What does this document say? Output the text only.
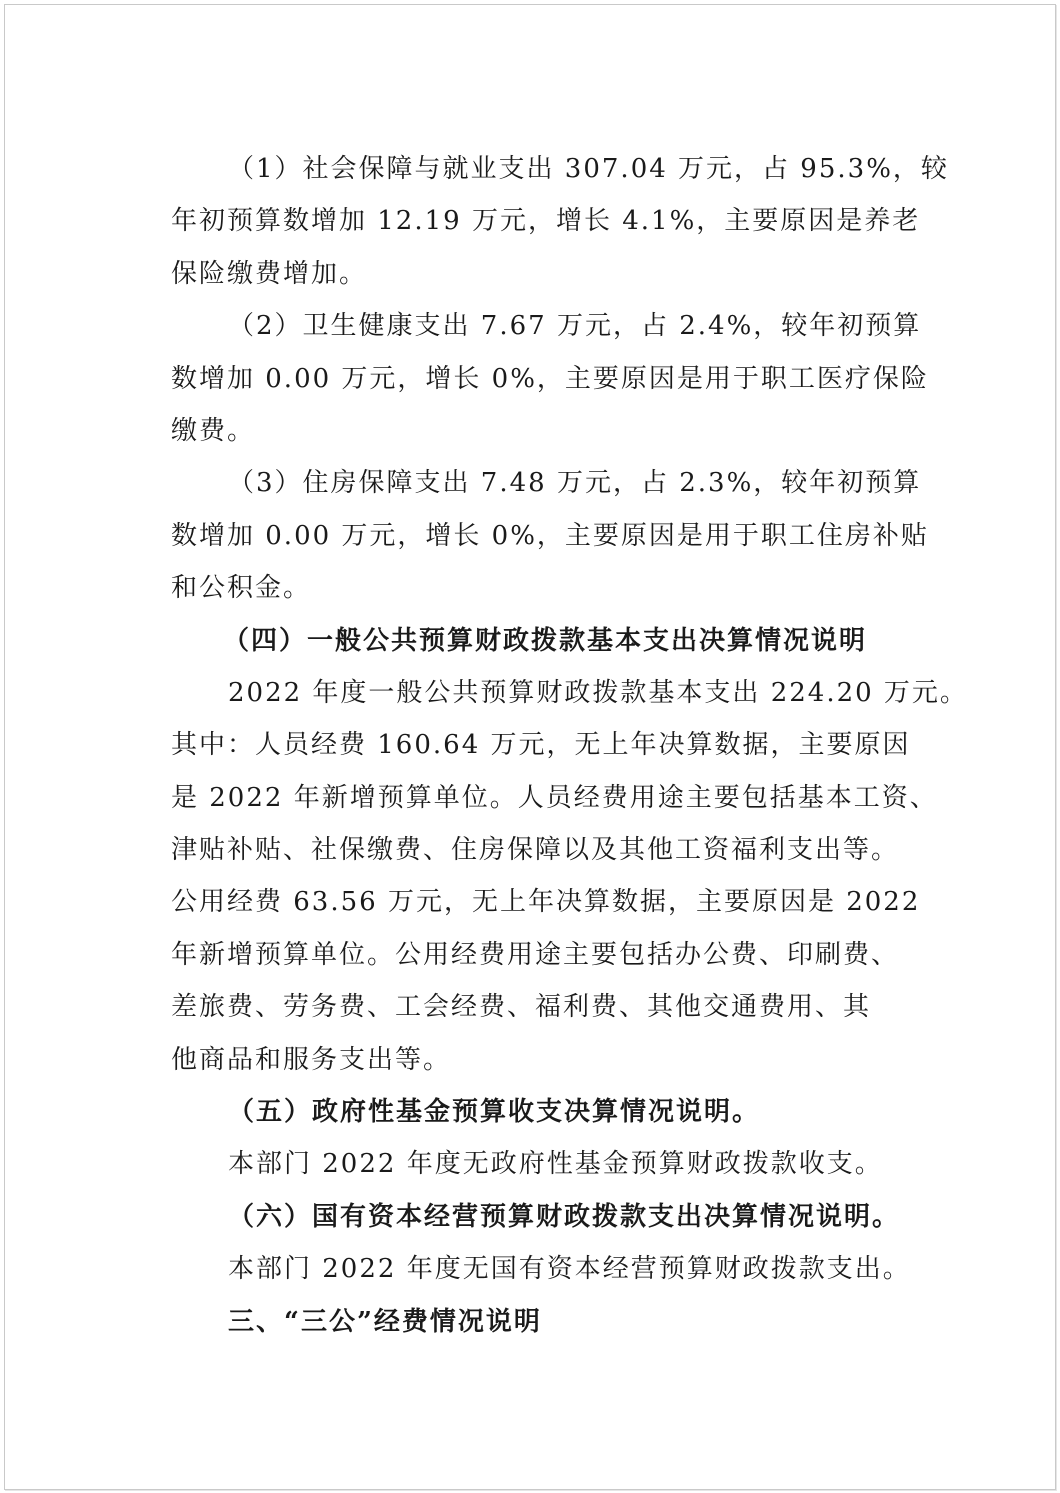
（1）社会保障与就业支出 307.04 万元，占 95.3%，较
年初预算数增加 12.19 万元，增长 4.1%，主要原因是养老
保险缴费增加。
（2）卫生健康支出 7.67 万元，占 2.4%，较年初预算
数增加 0.00 万元，增长 0%，主要原因是用于职工医疗保险
缴费。
（3）住房保障支出 7.48 万元，占 2.3%，较年初预算
数增加 0.00 万元，增长 0%，主要原因是用于职工住房补贴
和公积金。
（四）一般公共预算财政拨款基本支出决算情况说明
2022 年度一般公共预算财政拨款基本支出 224.20 万元。
其中：人员经费 160.64 万元，无上年决算数据，主要原因
是 2022 年新增预算单位。人员经费用途主要包括基本工资、
津贴补贴、社保缴费、住房保障以及其他工资福利支出等。
公用经费 63.56 万元，无上年决算数据，主要原因是 2022
年新增预算单位。公用经费用途主要包括办公费、印刷费、
差旅费、劳务费、工会经费、福利费、其他交通费用、其
他商品和服务支出等。
（五）政府性基金预算收支决算情况说明。
本部门 2022 年度无政府性基金预算财政拨款收支。
（六）国有资本经营预算财政拨款支出决算情况说明。
本部门 2022 年度无国有资本经营预算财政拨款支出。
三、“三公”经费情况说明
